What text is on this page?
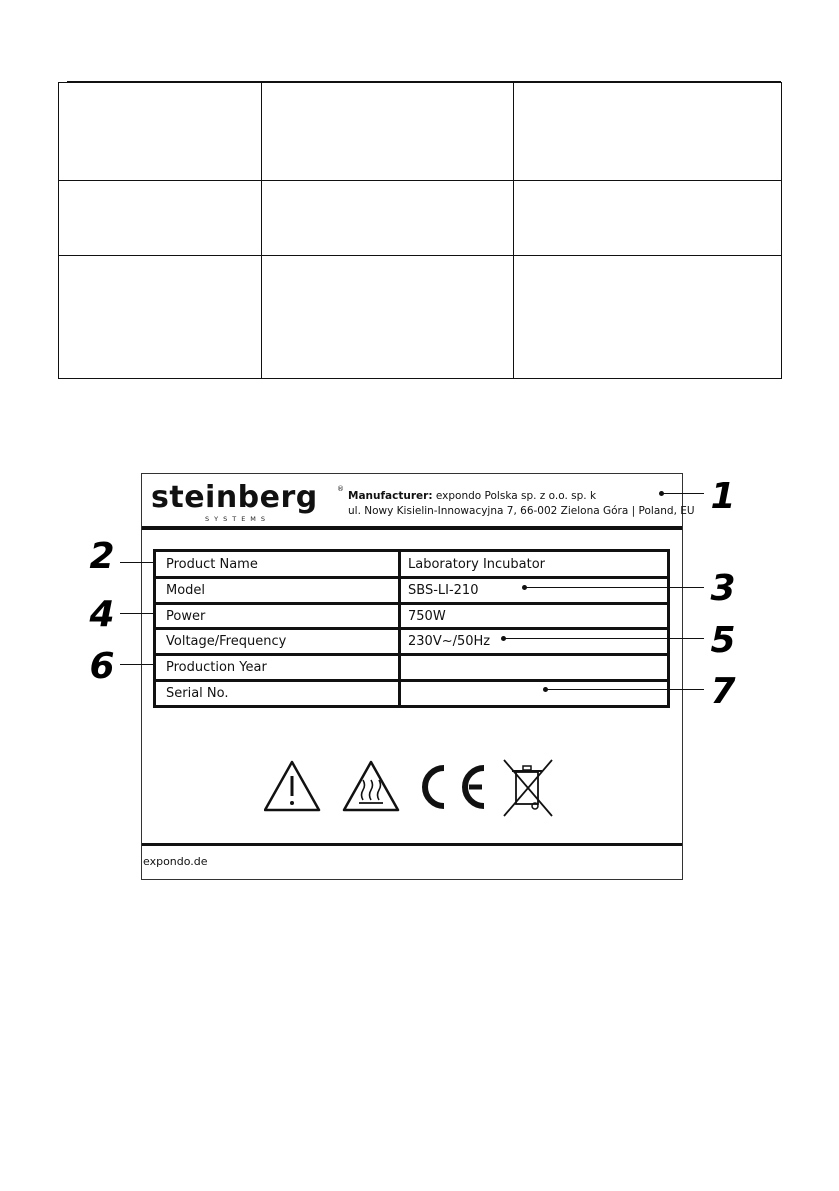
steinberg	®
SYSTEMS
Manufacturer: expondo Polska sp. z o.o. sp. k
ul. Nowy Kisielin-Innowacyjna 7, 66-002 Zielona Góra | Poland, EU
Product Name	Laboratory Incubator
Model	SBS-LI-210
Power	750W
Voltage/Frequency	230V~/50Hz
Production Year
Serial No.
expondo.de
1
2
3
4
5
6
7
